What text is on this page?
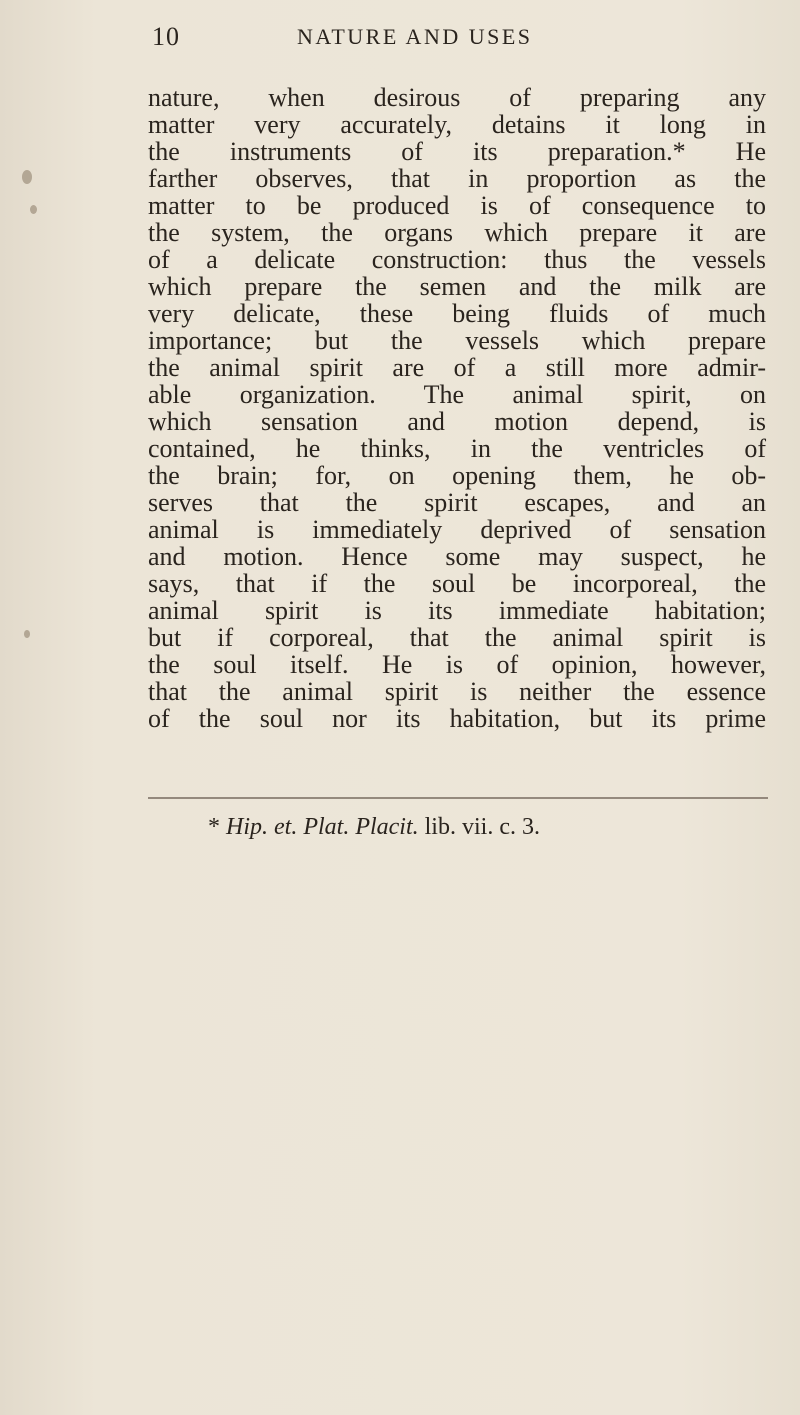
10	NATURE AND USES
nature, when desirous of preparing any
matter very accurately, detains it long in
the instruments of its preparation.* He
farther observes, that in proportion as the
matter to be produced is of consequence to
the system, the organs which prepare it are
of a delicate construction: thus the vessels
which prepare the semen and the milk are
very delicate, these being fluids of much
importance; but the vessels which prepare
the animal spirit are of a still more admir-
able organization. The animal spirit, on
which sensation and motion depend, is
contained, he thinks, in the ventricles of
the brain; for, on opening them, he ob-
serves that the spirit escapes, and an
animal is immediately deprived of sensation
and motion. Hence some may suspect, he
says, that if the soul be incorporeal, the
animal spirit is its immediate habitation;
but if corporeal, that the animal spirit is
the soul itself. He is of opinion, however,
that the animal spirit is neither the essence
of the soul nor its habitation, but its prime
* Hip. et. Plat. Placit. lib. vii. c. 3.
